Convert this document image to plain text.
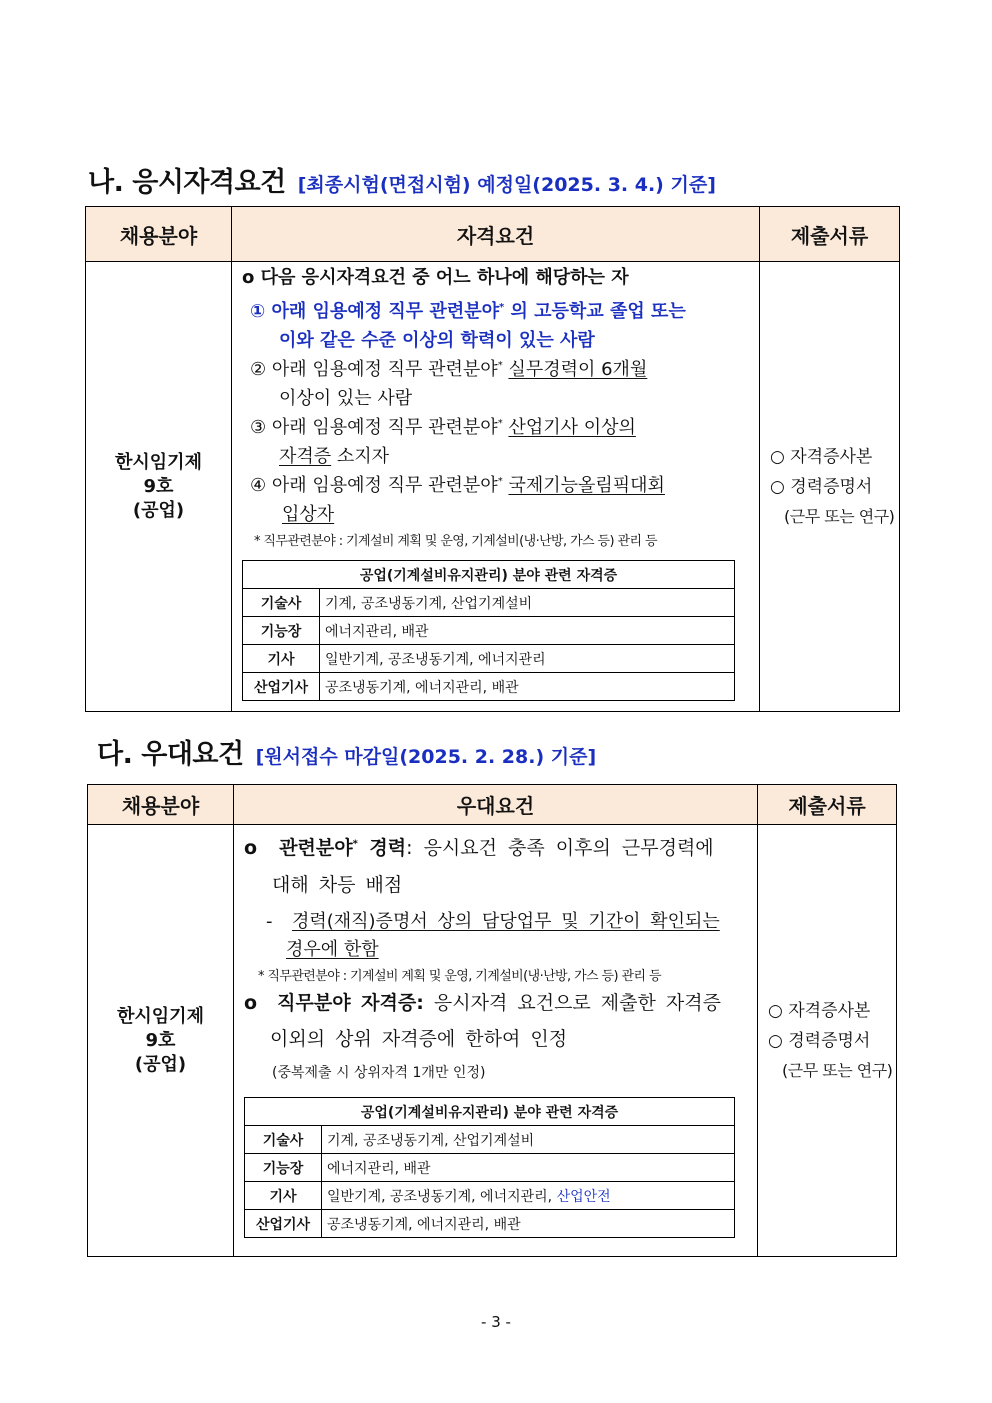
나. 응시자격요건 [최종시험(면접시험) 예정일(2025. 3. 4.) 기준]
채용분야	자격요건	제출서류

한시임기제
9호
(공업)

o 다음 응시자격요건 중 어느 하나에 해당하는 자
① 아래 임용예정 직무 관련분야* 의 고등학교 졸업 또는
이와 같은 수준 이상의 학력이 있는 사람
② 아래 임용예정 직무 관련분야* 실무경력이 6개월
이상이 있는 사람
③ 아래 임용예정 직무 관련분야* 산업기사 이상의
자격증 소지자
④ 아래 임용예정 직무 관련분야* 국제기능올림픽대회
입상자
* 직무관련분야 : 기계설비 계획 및 운영, 기계설비(냉·난방, 가스 등) 관리 등
공업(기계설비유지관리) 분야 관련 자격증
기술사	기계, 공조냉동기계, 산업기계설비
기능장	에너지관리, 배관
기사	일반기계, 공조냉동기계, 에너지관리
산업기사	공조냉동기계, 에너지관리, 배관

○ 자격증사본
○ 경력증명서
(근무 또는 연구)
다. 우대요건 [원서접수 마감일(2025. 2. 28.) 기준]
채용분야	우대요건	제출서류

한시임기제
9호
(공업)

o 관련분야* 경력: 응시요건 충족 이후의 근무경력에
대해 차등 배점
- 경력(재직)증명서 상의 담당업무 및 기간이 확인되는
경우에 한함
* 직무관련분야 : 기계설비 계획 및 운영, 기계설비(냉·난방, 가스 등) 관리 등
o 직무분야 자격증: 응시자격 요건으로 제출한 자격증
이외의 상위 자격증에 한하여 인정
(중복제출 시 상위자격 1개만 인정)
공업(기계설비유지관리) 분야 관련 자격증
기술사	기계, 공조냉동기계, 산업기계설비
기능장	에너지관리, 배관
기사	일반기계, 공조냉동기계, 에너지관리, 산업안전
산업기사	공조냉동기계, 에너지관리, 배관

○ 자격증사본
○ 경력증명서
(근무 또는 연구)
- 3 -
